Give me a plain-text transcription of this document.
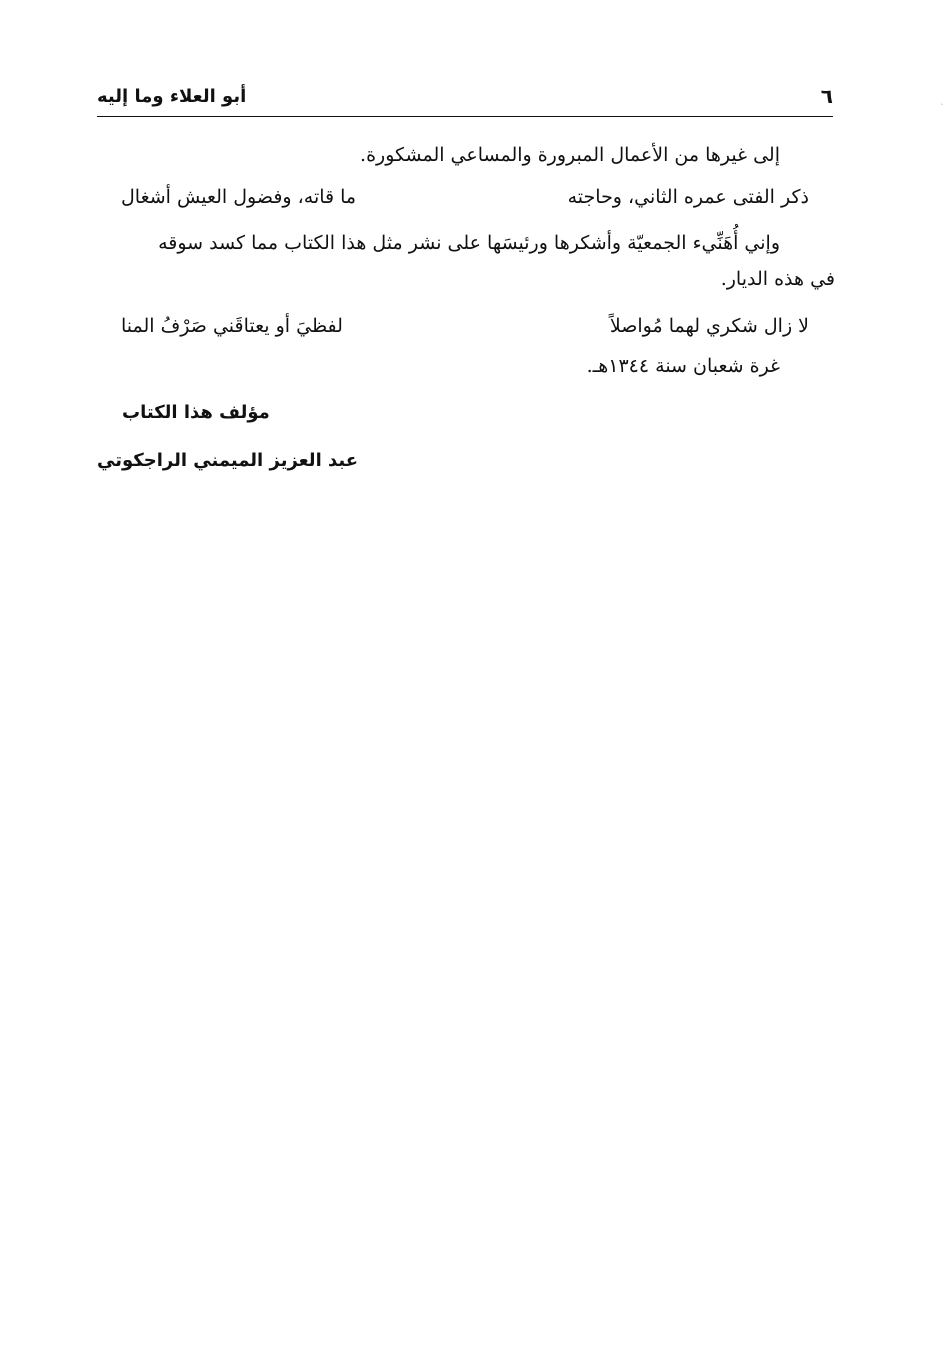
٦
أبو العلاء وما إليه
إلى غيرها من الأعمال المبرورة والمساعي المشكورة.
ذكر الفتى عمره الثاني، وحاجته
ما قاته، وفضول العيش أشغال
وإني أُهَنِّيء الجمعيّة وأشكرها ورئيسَها على نشر مثل هذا الكتاب مما كسد سوقه
في هذه الديار.
لا زال شكري لهما مُواصلاً
لفظيَ أو يعتاقَني صَرْفُ المنا
غرة شعبان سنة ١٣٤٤هـ.
مؤلف هذا الكتاب
عبد العزيز الميمني الراجكوتي
ˎ
